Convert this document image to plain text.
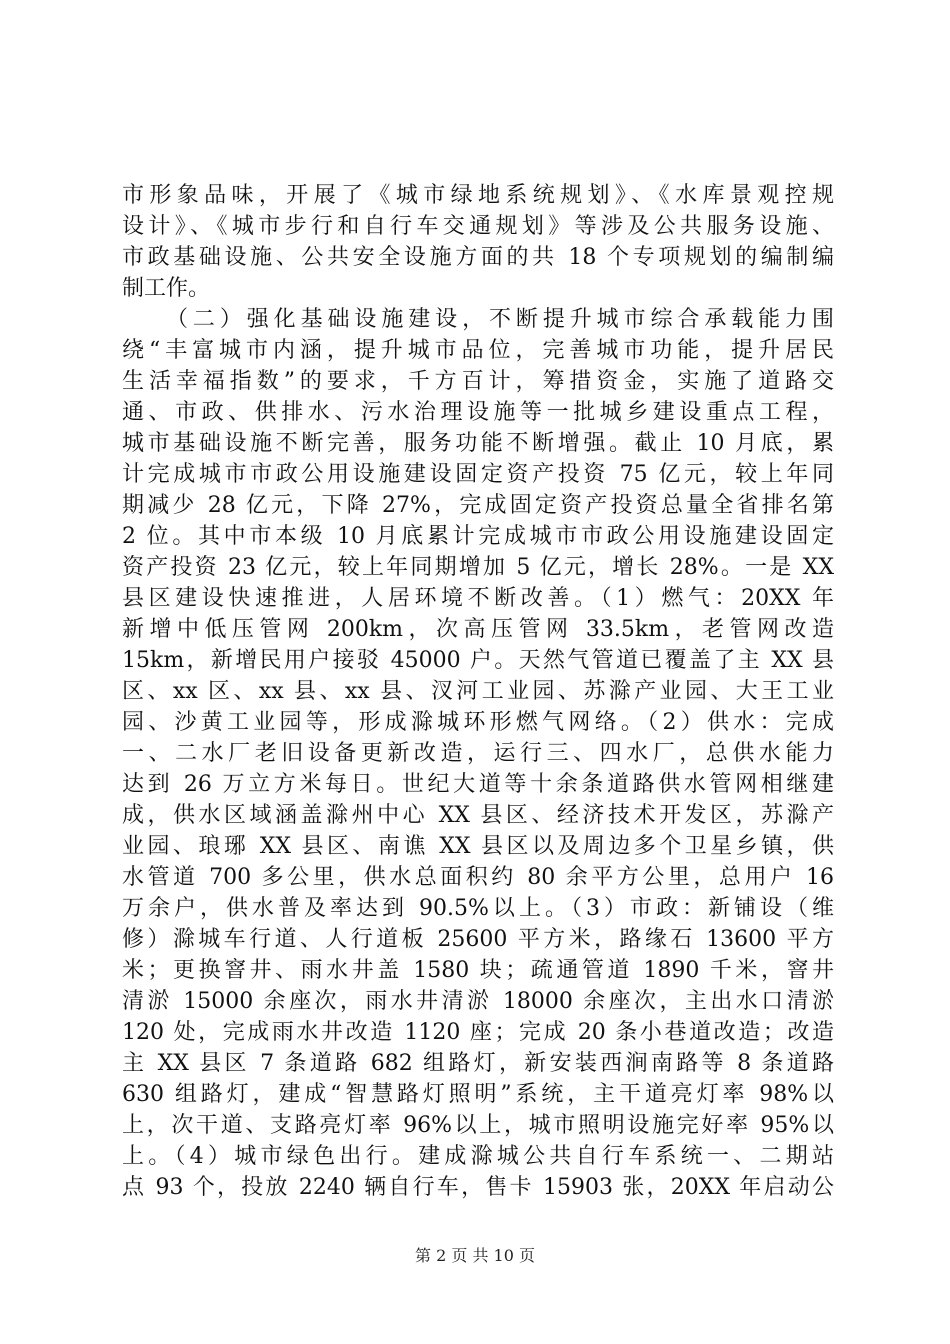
市形象品味，开展了《城市绿地系统规划》、《水库景观控规
设计》、《城市步行和自行车交通规划》等涉及公共服务设施、
市政基础设施、公共安全设施方面的共 18 个专项规划的编制编
制工作。
（二）强化基础设施建设，不断提升城市综合承载能力围
绕“丰富城市内涵，提升城市品位，完善城市功能，提升居民
生活幸福指数”的要求，千方百计，筹措资金，实施了道路交
通、市政、供排水、污水治理设施等一批城乡建设重点工程，
城市基础设施不断完善，服务功能不断增强。截止 10 月底，累
计完成城市市政公用设施建设固定资产投资 75 亿元，较上年同
期减少 28 亿元，下降 27%，完成固定资产投资总量全省排名第
2 位。其中市本级 10 月底累计完成城市市政公用设施建设固定
资产投资 23 亿元，较上年同期增加 5 亿元，增长 28%。一是 XX
县区建设快速推进，人居环境不断改善。（1）燃气：20XX 年
新增中低压管网 200km，次高压管网 33.5km，老管网改造
15km，新增民用户接驳 45000 户。天然气管道已覆盖了主 XX 县
区、xx 区、xx 县、xx 县、汊河工业园、苏滁产业园、大王工业
园、沙黄工业园等，形成滁城环形燃气网络。（2）供水：完成
一、二水厂老旧设备更新改造，运行三、四水厂，总供水能力
达到 26 万立方米每日。世纪大道等十余条道路供水管网相继建
成，供水区域涵盖滁州中心 XX 县区、经济技术开发区，苏滁产
业园、琅琊 XX 县区、南谯 XX 县区以及周边多个卫星乡镇，供
水管道 700 多公里，供水总面积约 80 余平方公里，总用户 16
万余户，供水普及率达到 90.5%以上。（3）市政：新铺设（维
修）滁城车行道、人行道板 25600 平方米，路缘石 13600 平方
米；更换窨井、雨水井盖 1580 块；疏通管道 1890 千米，窨井
清淤 15000 余座次，雨水井清淤 18000 余座次，主出水口清淤
120 处，完成雨水井改造 1120 座；完成 20 条小巷道改造；改造
主 XX 县区 7 条道路 682 组路灯，新安装西涧南路等 8 条道路
630 组路灯，建成“智慧路灯照明”系统，主干道亮灯率 98%以
上，次干道、支路亮灯率 96%以上，城市照明设施完好率 95%以
上。（4）城市绿色出行。建成滁城公共自行车系统一、二期站
点 93 个，投放 2240 辆自行车，售卡 15903 张，20XX 年启动公
第 2 页 共 10 页
